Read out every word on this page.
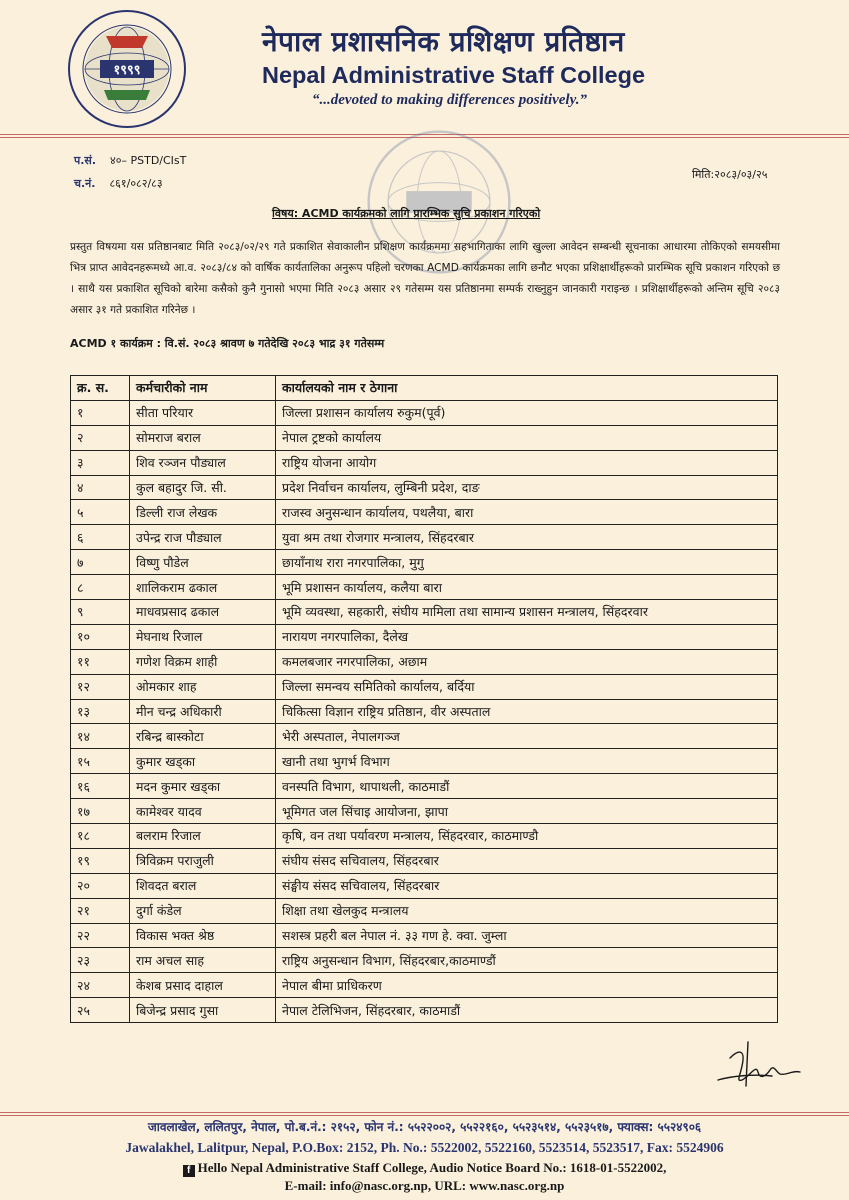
१९९९
नेपाल प्रशासनिक प्रशिक्षण प्रतिष्ठान
Nepal Administrative Staff College
“...devoted to making differences positively.”
प.सं. ४०– PSTD/CIsT
च.नं. ८६१/०८२/८३
मिति:२०८३/०३/२५
विषय: ACMD कार्यक्रमको लागि प्रारम्भिक सुचि प्रकाशन गरिएको
प्रस्तुत विषयमा यस प्रतिष्ठानबाट मिति २०८३/०२/२९ गते प्रकाशित सेवाकालीन प्रशिक्षण कार्यक्रममा सहभागिताका लागि खुल्ला आवेदन सम्बन्धी सूचनाका आधारमा तोकिएको समयसीमा भित्र प्राप्त आवेदनहरूमध्ये आ.व. २०८३/८४ को वार्षिक कार्यतालिका अनुरूप पहिलो चरणका ACMD कार्यक्रमका लागि छनौट भएका प्रशिक्षार्थीहरूको प्रारम्भिक सूचि प्रकाशन गरिएको छ । साथै यस प्रकाशित सूचिको बारेमा कसैको कुनै गुनासो भएमा मिति २०८३ असार २९ गतेसम्म यस प्रतिष्ठानमा सम्पर्क राख्नुहुन जानकारी गराइन्छ । प्रशिक्षार्थीहरूको अन्तिम सूचि २०८३ असार ३१ गते प्रकाशित गरिनेछ ।
ACMD १ कार्यक्रम : वि.सं. २०८३ श्रावण ७ गतेदेखि २०८३ भाद्र ३१ गतेसम्म
क्र. स.	कर्मचारीको नाम	कार्यालयको नाम र ठेगाना
१	सीता परियार	जिल्ला प्रशासन कार्यालय रुकुम(पूर्व)
२	सोमराज बराल	नेपाल ट्रष्टको कार्यालय
३	शिव रञ्जन पौड्याल	राष्ट्रिय योजना आयोग
४	कुल बहादुर जि. सी.	प्रदेश निर्वाचन कार्यालय, लुम्बिनी प्रदेश, दाङ
५	डिल्ली राज लेखक	राजस्व अनुसन्धान कार्यालय, पथलैया, बारा
६	उपेन्द्र राज पौड्याल	युवा श्रम तथा रोजगार मन्त्रालय, सिंहदरबार
७	विष्णु पौडेल	छायाँनाथ रारा नगरपालिका, मुगु
८	शालिकराम ढकाल	भूमि प्रशासन कार्यालय, कलैया बारा
९	माधवप्रसाद ढकाल	भूमि व्यवस्था, सहकारी, संघीय मामिला तथा सामान्य प्रशासन मन्त्रालय, सिंहदरवार
१०	मेघनाथ रिजाल	नारायण नगरपालिका, दैलेख
११	गणेश विक्रम शाही	कमलबजार नगरपालिका, अछाम
१२	ओमकार शाह	जिल्ला समन्वय समितिको कार्यालय, बर्दिया
१३	मीन चन्द्र अधिकारी	चिकित्सा विज्ञान राष्ट्रिय प्रतिष्ठान, वीर अस्पताल
१४	रबिन्द्र बास्कोटा	भेरी अस्पताल, नेपालगञ्ज
१५	कुमार खड्का	खानी तथा भुगर्भ विभाग
१६	मदन कुमार खड्का	वनस्पति विभाग, थापाथली, काठमाडौं
१७	कामेश्वर यादव	भूमिगत जल सिंचाइ आयोजना, झापा
१८	बलराम रिजाल	कृषि, वन तथा पर्यावरण मन्त्रालय, सिंहदरवार, काठमाण्डौ
१९	त्रिविक्रम पराजुली	संघीय संसद सचिवालय, सिंहदरबार
२०	शिवदत बराल	संङ्घीय संसद सचिवालय, सिंहदरबार
२१	दुर्गा कंडेल	शिक्षा तथा खेलकुद मन्त्रालय
२२	विकास भक्त श्रेष्ठ	सशस्त्र प्रहरी बल नेपाल नं. ३३ गण हे. क्वा. जुम्ला
२३	राम अचल साह	राष्ट्रिय अनुसन्धान विभाग, सिंहदरबार,काठमाण्डौं
२४	केशब प्रसाद दाहाल	नेपाल बीमा प्राधिकरण
२५	बिजेन्द्र प्रसाद गुसा	नेपाल टेलिभिजन, सिंहदरबार, काठमाडौं
जावलाखेल, ललितपुर, नेपाल, पो.ब.नं.: २१५२, फोन नं.: ५५२२००२, ५५२२१६०, ५५२३५१४, ५५२३५१७, फ्याक्स: ५५२४९०६
Jawalakhel, Lalitpur, Nepal, P.O.Box: 2152, Ph. No.: 5522002, 5522160, 5523514, 5523517, Fax: 5524906
f Hello Nepal Administrative Staff College, Audio Notice Board No.: 1618-01-5522002,
E-mail: info@nasc.org.np, URL: www.nasc.org.np
